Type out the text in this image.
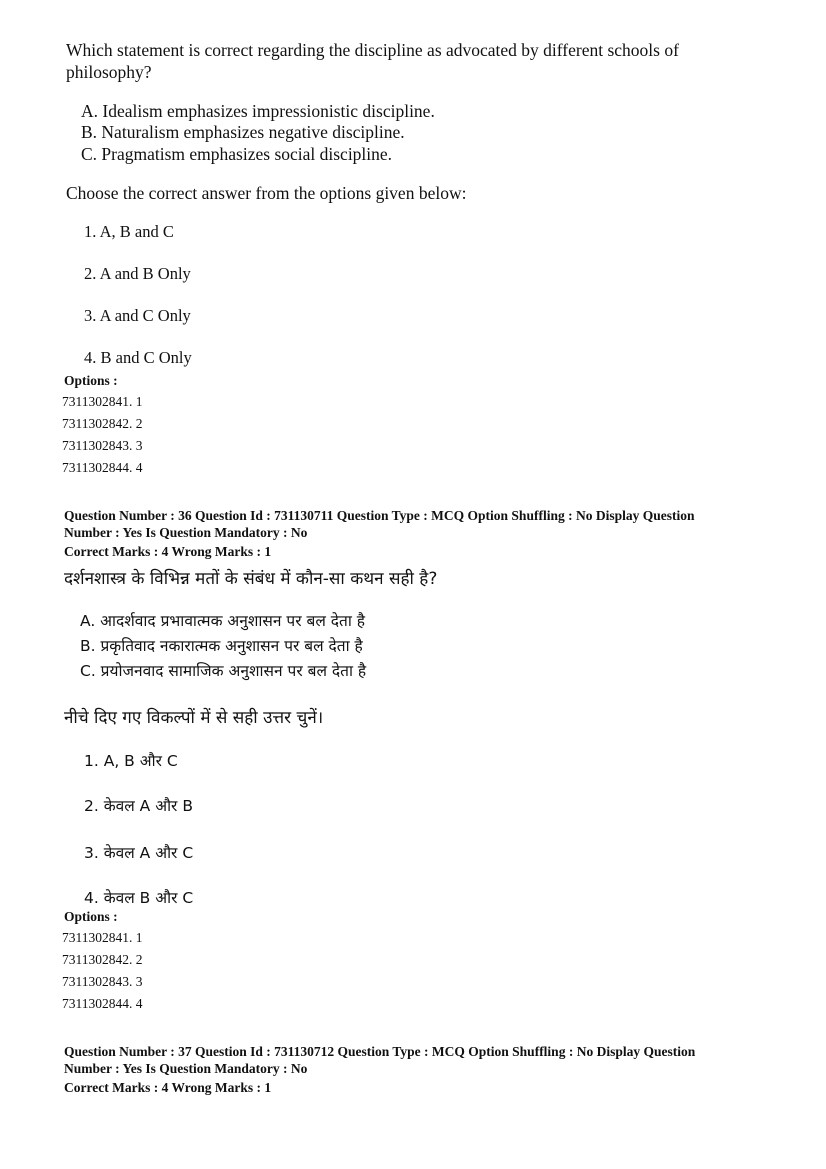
Which statement is correct regarding the discipline as advocated by different schools of
philosophy?
A. Idealism emphasizes impressionistic discipline.
B. Naturalism emphasizes negative discipline.
C. Pragmatism emphasizes social discipline.
Choose the correct answer from the options given below:
1. A, B and C
2. A and B Only
3. A and C Only
4. B and C Only
Options :
7311302841. 1
7311302842. 2
7311302843. 3
7311302844. 4
Question Number : 36 Question Id : 731130711 Question Type : MCQ Option Shuffling : No Display Question
Number : Yes Is Question Mandatory : No
Correct Marks : 4 Wrong Marks : 1
दर्शनशास्त्र के विभिन्न मतों के संबंध में कौन-सा कथन सही है?
A. आदर्शवाद प्रभावात्मक अनुशासन पर बल देता है
B. प्रकृतिवाद नकारात्मक अनुशासन पर बल देता है
C. प्रयोजनवाद सामाजिक अनुशासन पर बल देता है
नीचे दिए गए विकल्पों में से सही उत्तर चुनें।
1. A, B और C
2. केवल A और B
3. केवल A और C
4. केवल B और C
Options :
7311302841. 1
7311302842. 2
7311302843. 3
7311302844. 4
Question Number : 37 Question Id : 731130712 Question Type : MCQ Option Shuffling : No Display Question
Number : Yes Is Question Mandatory : No
Correct Marks : 4 Wrong Marks : 1
